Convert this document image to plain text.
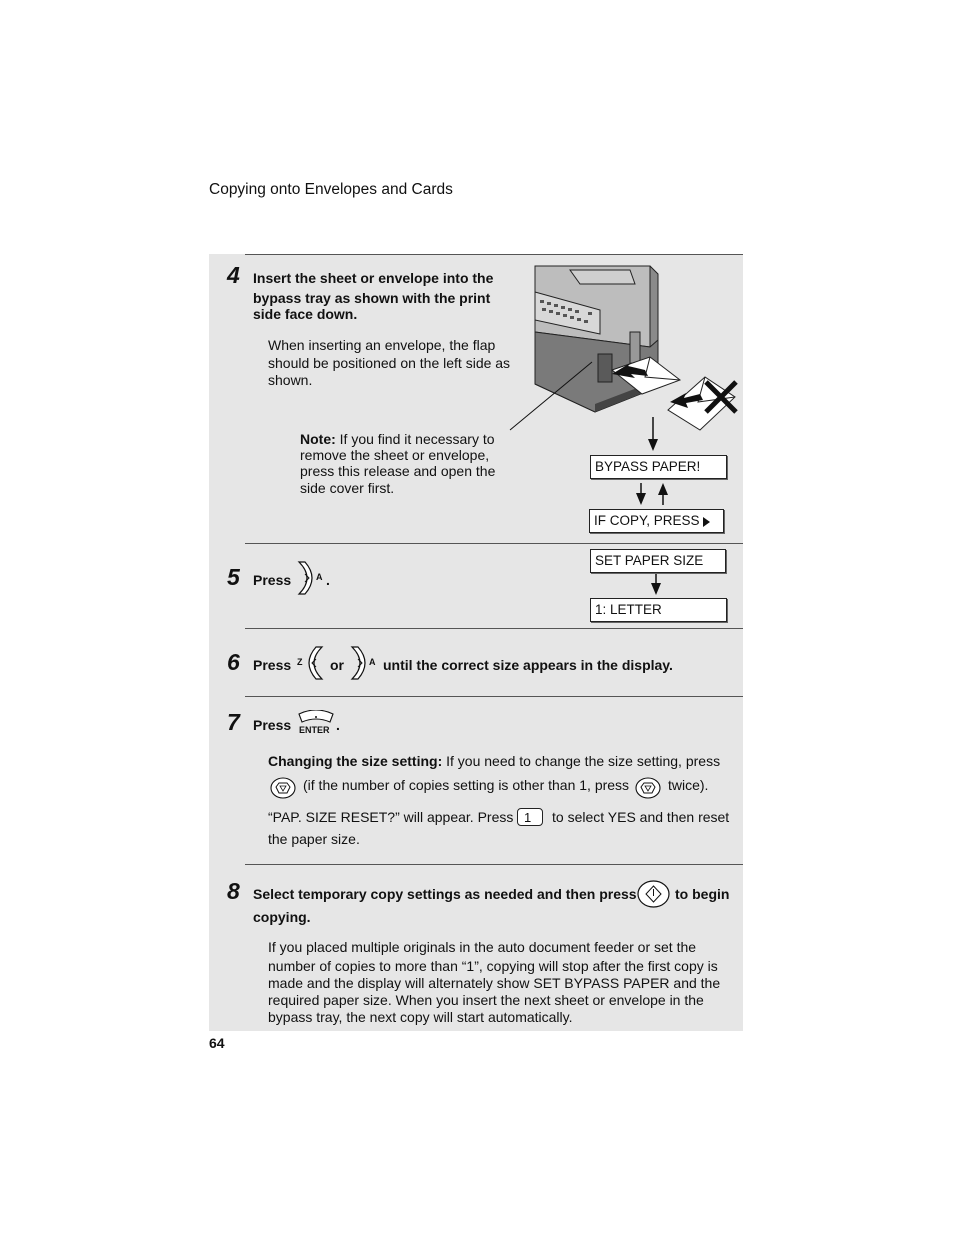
Copying onto Envelopes and Cards
4 Insert the sheet or envelope into the
bypass tray as shown with the print
side face down.
When inserting an envelope, the flap
should be positioned on the left side as
shown.
Note: If you find it necessary to
remove the sheet or envelope,
press this release and open the
side cover first.
BYPASS PAPER!
IF COPY, PRESS
SET PAPER SIZE
1: LETTER
5 Press	A .
6 Press Z or	A until the correct size appears in the display.
7 Press ENTER .
Changing the size setting: If you need to change the size setting, press
(if the number of copies setting is other than 1, press	twice).
“PAP. SIZE RESET?” will appear. Press 1	to select YES and then reset
the paper size.
8 Select temporary copy settings as needed and then press	to begin
copying.
If you placed multiple originals in the auto document feeder or set the
number of copies to more than “1”, copying will stop after the first copy is
made and the display will alternately show SET BYPASS PAPER and the
required paper size. When you insert the next sheet or envelope in the
bypass tray, the next copy will start automatically.
64
